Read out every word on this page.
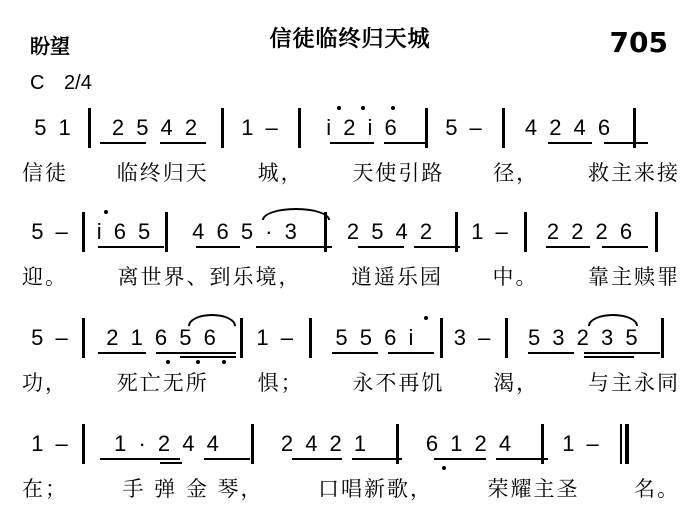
盼望	信徒临终归天城	705
C 2/4
5 1	2 5 4 2	1 –	i 2 i 6	5 –	4 2 4 6
信徒 临终归天 城， 天使引路 径， 救主来接
5 – i 6 5	4 6 5 · 3	2 5 4 2	1 –	2 2 2 6
迎。 离世界、到乐境， 逍遥乐园 中。 靠主赎罪
5 –	2 1 6 5 6	1 –	5 5 6 i	3 –	5 3 2 3 5
功， 死亡无所 惧； 永不再饥 渴， 与主永同
1 –	1 · 2 4 4	2 4 2 1	6 1 2 4	1 –
在；	手 弹 金 琴，	口唱新歌，	荣耀主圣	名。
